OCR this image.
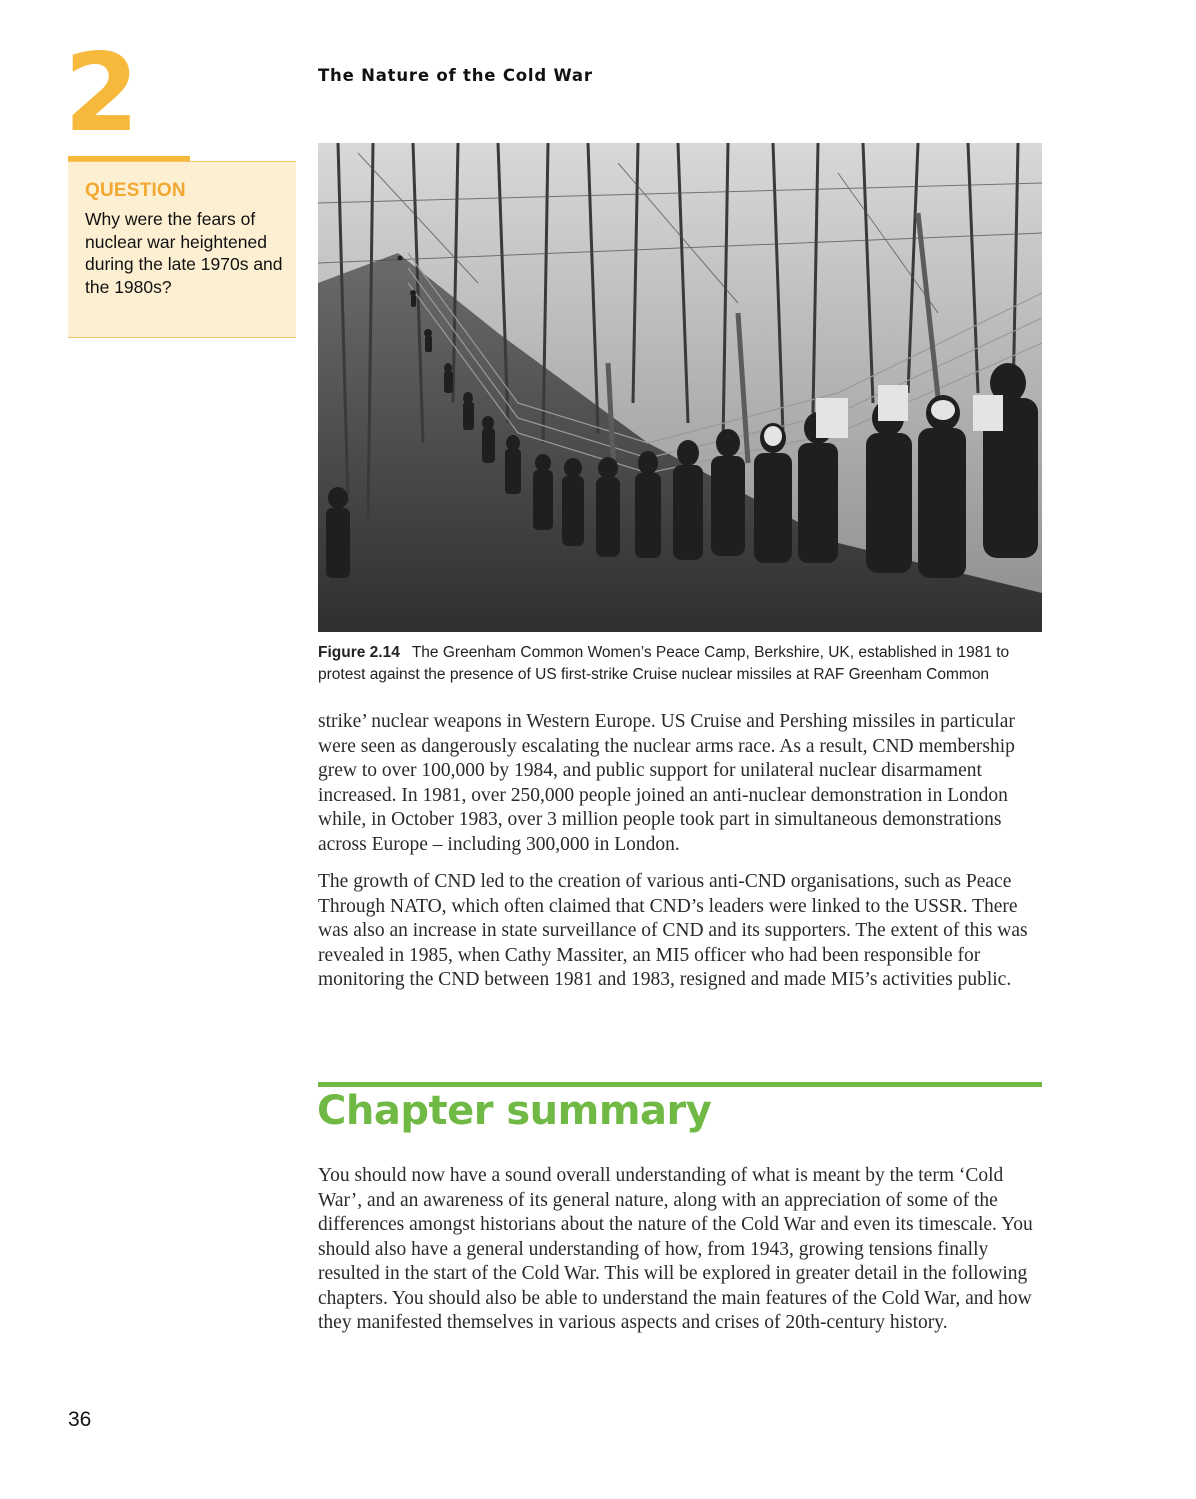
2
QUESTION
Why were the fears of nuclear war heightened during the late 1970s and the 1980s?
The Nature of the Cold War
Figure 2.14 The Greenham Common Women’s Peace Camp, Berkshire, UK, established in 1981 to protest against the presence of US first-strike Cruise nuclear missiles at RAF Greenham Common

strike’ nuclear weapons in Western Europe. US Cruise and Pershing missiles in particular were seen as dangerously escalating the nuclear arms race. As a result, CND membership grew to over 100,000 by 1984, and public support for unilateral nuclear disarmament increased. In 1981, over 250,000 people joined an anti-nuclear demonstration in London while, in October 1983, over 3 million people took part in simultaneous demonstrations across Europe – including 300,000 in London.

The growth of CND led to the creation of various anti-CND organisations, such as Peace Through NATO, which often claimed that CND’s leaders were linked to the USSR. There was also an increase in state surveillance of CND and its supporters. The extent of this was revealed in 1985, when Cathy Massiter, an MI5 officer who had been responsible for monitoring the CND between 1981 and 1983, resigned and made MI5’s activities public.

Chapter summary

You should now have a sound overall understanding of what is meant by the term ‘Cold War’, and an awareness of its general nature, along with an appreciation of some of the differences amongst historians about the nature of the Cold War and even its timescale. You should also have a general understanding of how, from 1943, growing tensions finally resulted in the start of the Cold War. This will be explored in greater detail in the following chapters. You should also be able to understand the main features of the Cold War, and how they manifested themselves in various aspects and crises of 20th-century history.

36
